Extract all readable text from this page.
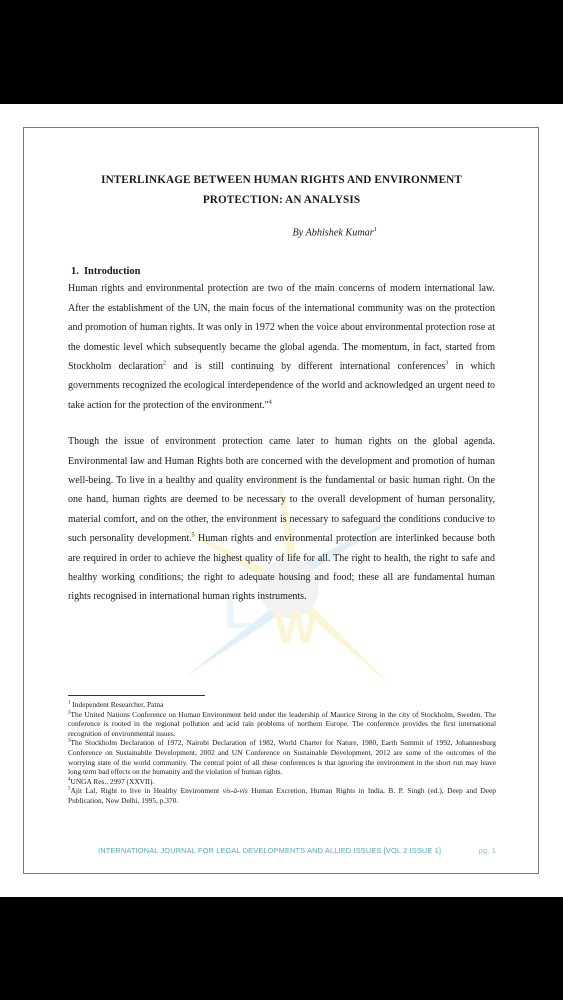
L W

INTERLINKAGE BETWEEN HUMAN RIGHTS AND ENVIRONMENT PROTECTION: AN ANALYSIS

By Abhishek Kumar$^1$
1. Introduction

Human rights and environmental protection are two of the main concerns of modern international law. After the establishment of the UN, the main focus of the international community was on the protection and promotion of human rights. It was only in 1972 when the voice about environmental protection rose at the domestic level which subsequently became the global agenda. The momentum, in fact, started from Stockholm declaration$^2$ and is still continuing by different international conferences$^3$ in which governments recognized the ecological interdependence of the world and acknowledged an urgent need to take action for the protection of the environment."$^4$

Though the issue of environment protection came later to human rights on the global agenda. Environmental law and Human Rights both are concerned with the development and promotion of human well-being. To live in a healthy and quality environment is the fundamental or basic human right. On the one hand, human rights are deemed to be necessary to the overall development of human personality, material comfort, and on the other, the environment is necessary to safeguard the conditions conducive to such personality development.$^5$ Human rights and environmental protection are interlinked because both are required in order to achieve the highest quality of life for all. The right to health, the right to safe and healthy working conditions; the right to adequate housing and food; these all are fundamental human rights recognised in international human rights instruments.

$^1$ Independent Researcher, Patna

$^2$The United Nations Conference on Human Environment held under the leadership of Maurice Strong in the city of Stockholm, Sweden. The conference is rooted in the regional pollution and acid rain problems of northern Europe. The conference provides the first international recognition of environmental issues.

$^3$The Stockholm Declaration of 1972, Nairobi Declaration of 1982, World Charter for Nature, 1980, Earth Summit of 1992, Johannesburg Conference on Sustainabile Development, 2002 and UN Conference on Sustainable Development, 2012 are some of the outcomes of the worrying state of the world community. The central point of all these conferences is that ignoring the environment in the short run may leave long term bad effects on the humanity and the violation of human rights.

$^4$UNGA Res., 2997 (XXVII).

$^5$Ajit Lal, Right to live in Healthy Environment vis-à-vis Human Excretion, Human Rights in India, B. P. Singh (ed.), Deep and Deep Publication, New Delhi, 1995, p.370.

INTERNATIONAL JOURNAL FOR LEGAL DEVELOPMENTS AND ALLIED ISSUES [VOL 2 ISSUE 1]	pg. 1
